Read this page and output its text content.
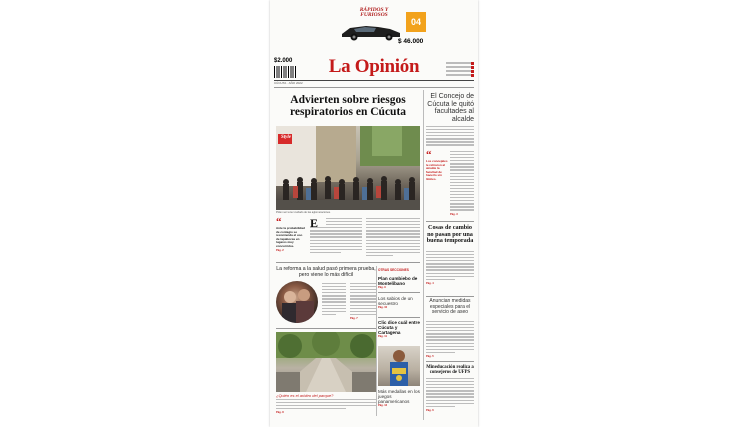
RÁPIDOS Y FURIOSOS
04
$ 46.000
$2.000	La Opinión
CÚCUTA · AÑO 2022
Advierten sobre riesgos respiratorios en Cúcuta
Style
Piden ser tener cuidado de las aglomeraciones.
“
Ante la probabilidad de contagio se recomienda el uso de tapabocas en lugares muy concurridos.
Pág. 2
E
La reforma a la salud pasó primera prueba, pero viene lo más difícil
Pág. 7
¿Quién es el arbitro del parque?
Pág. 8
OTRAS SECCIONES
Plan cumbiebo de Montelíbano
Pág. 9
Los sabios de un secuestro
Pág. 10
Clic dice cuál entre Cúcuta y Cartagena
Pág. 11
Más medallas en los juegos panamericanos
Pág. 12
El Concejo de Cúcuta le quitó facultades al alcalde
“
Los concejales le retiraron al alcalde la facultad de hacerlo sin límites.
Pág. 3
Cosas de cambio no pasan por una buena temporada
Pág. 4
Anuncian medidas especiales para el servicio de aseo
Pág. 5
Mineducación realiza a consejeros de UFPS
Pág. 6
